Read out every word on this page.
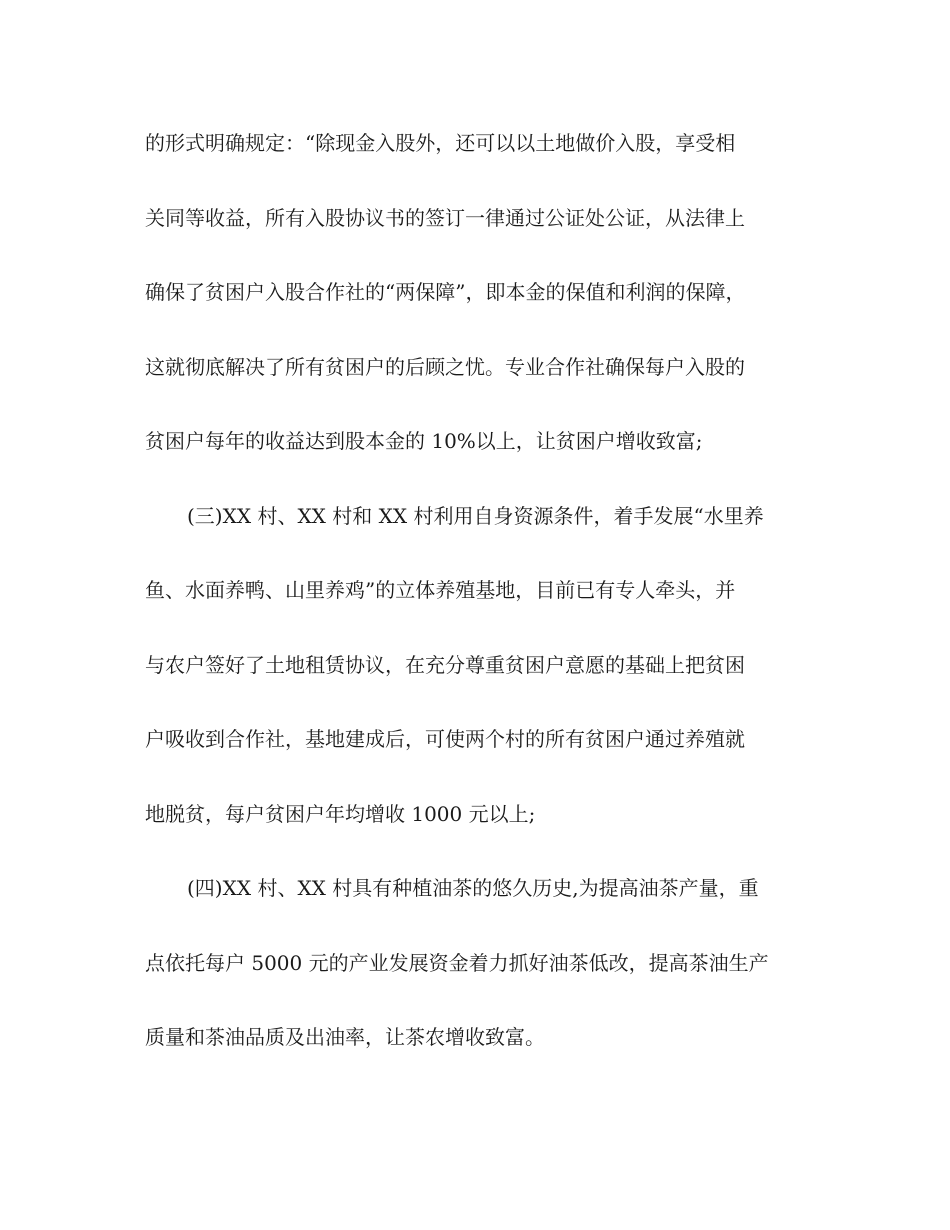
的形式明确规定：“除现金入股外，还可以以土地做价入股，享受相
关同等收益，所有入股协议书的签订一律通过公证处公证，从法律上
确保了贫困户入股合作社的“两保障”，即本金的保值和利润的保障，
这就彻底解决了所有贫困户的后顾之忧。专业合作社确保每户入股的
贫困户每年的收益达到股本金的 10%以上，让贫困户增收致富;
(三)XX 村、XX 村和 XX 村利用自身资源条件，着手发展“水里养
鱼、水面养鸭、山里养鸡”的立体养殖基地，目前已有专人牵头，并
与农户签好了土地租赁协议，在充分尊重贫困户意愿的基础上把贫困
户吸收到合作社，基地建成后，可使两个村的所有贫困户通过养殖就
地脱贫，每户贫困户年均增收 1000 元以上;
(四)XX 村、XX 村具有种植油茶的悠久历史,为提高油茶产量，重
点依托每户 5000 元的产业发展资金着力抓好油茶低改，提高茶油生产
质量和茶油品质及出油率，让茶农增收致富。
